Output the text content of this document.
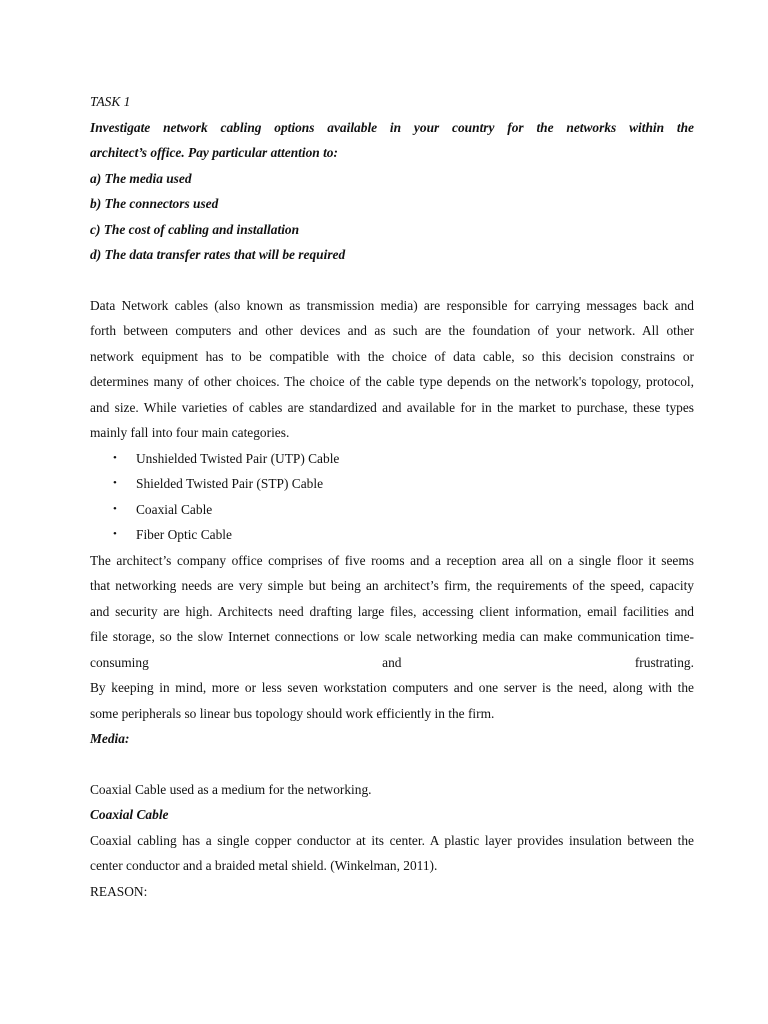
TASK 1
Investigate network cabling options available in your country for the networks within the
architect’s office. Pay particular attention to:
a) The media used
b) The connectors used
c) The cost of cabling and installation
d) The data transfer rates that will be required
Data Network cables (also known as transmission media) are responsible for carrying messages back and
forth between computers and other devices and as such are the foundation of your network. All other
network equipment has to be compatible with the choice of data cable, so this decision constrains or
determines many of other choices. The choice of the cable type depends on the network's topology, protocol,
and size. While varieties of cables are standardized and available for in the market to purchase, these types
mainly fall into four main categories.
• Unshielded Twisted Pair (UTP) Cable
• Shielded Twisted Pair (STP) Cable
• Coaxial Cable
• Fiber Optic Cable
The architect’s company office comprises of five rooms and a reception area all on a single floor it seems
that networking needs are very simple but being an architect’s firm, the requirements of the speed, capacity
and security are high. Architects need drafting large files, accessing client information, email facilities and
file storage, so the slow Internet connections or low scale networking media can make communication time-
consuming	and	frustrating.
By keeping in mind, more or less seven workstation computers and one server is the need, along with the
some peripherals so linear bus topology should work efficiently in the firm.
Media:
Coaxial Cable used as a medium for the networking.
Coaxial Cable
Coaxial cabling has a single copper conductor at its center. A plastic layer provides insulation between the
center conductor and a braided metal shield. (Winkelman, 2011).
REASON:
